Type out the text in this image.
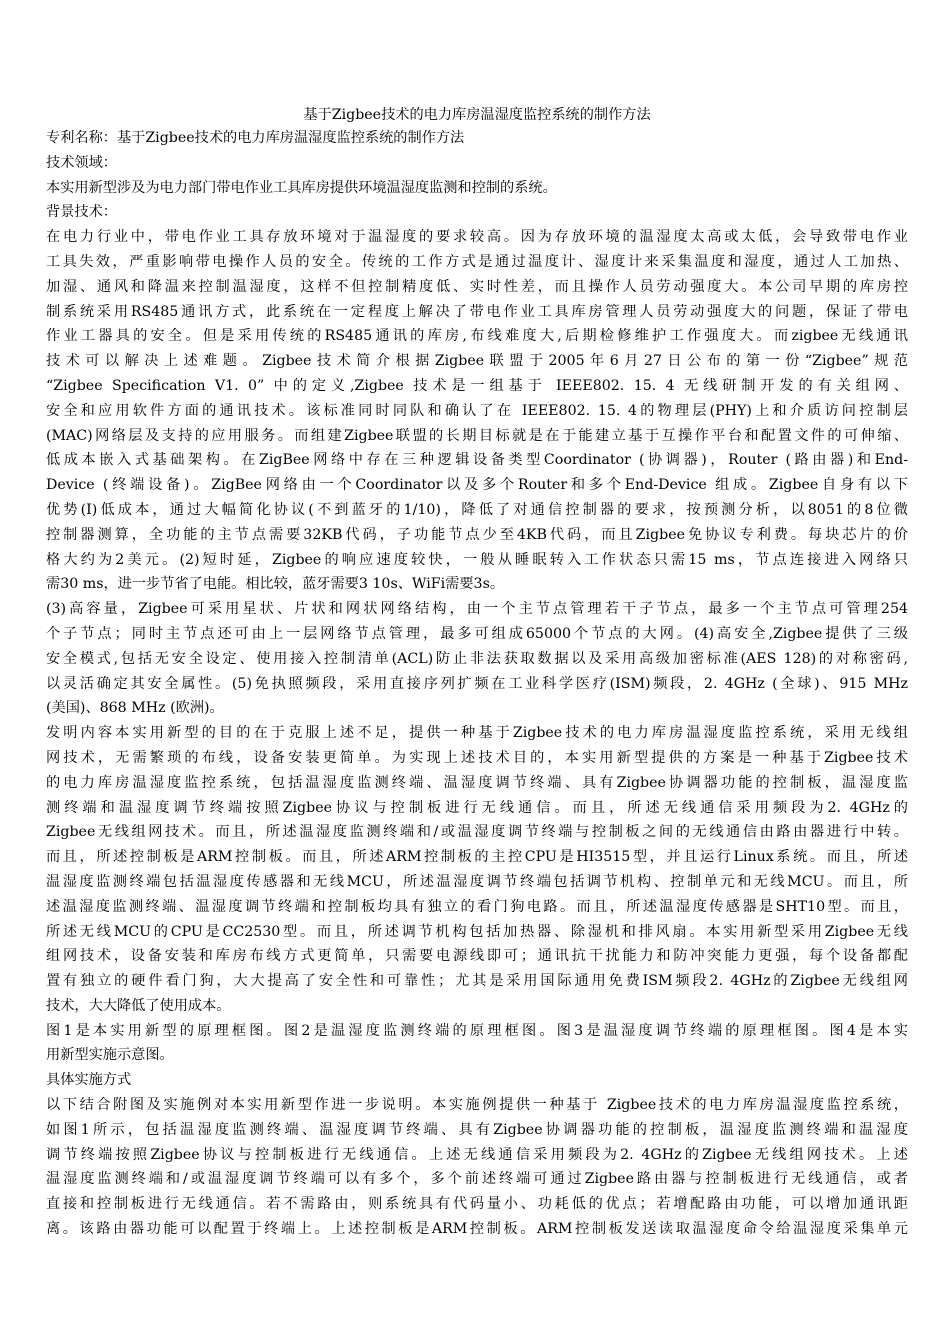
基于Zigbee技术的电力库房温湿度监控系统的制作方法

专利名称：基于Zigbee技术的电力库房温湿度监控系统的制作方法

技术领域：

本实用新型涉及为电力部门带电作业工具库房提供环境温湿度监测和控制的系统。

背景技术：

在电力行业中，带电作业工具存放环境对于温湿度的要求较高。因为存放环境的温湿度太高或太低，会导致带电作业

工具失效，严重影响带电操作人员的安全。传统的工作方式是通过温度计、湿度计来采集温度和湿度，通过人工加热、

加湿、通风和降温来控制温湿度，这样不但控制精度低、实时性差，而且操作人员劳动强度大。本公司早期的库房控

制系统采用RS485通讯方式，此系统在一定程度上解决了带电作业工具库房管理人员劳动强度大的问题，保证了带电

作业工器具的安全。但是采用传统的RS485通讯的库房,布线难度大,后期检修维护工作强度大。而zigbee无线通讯

技术可以解决上述难题。Zigbee技术简介根据Zigbee联盟于2005年6月27日公布的第一份“Zigbee”规范

“Zigbee Specification V1. 0” 中的定义,Zigbee 技术是一组基于 IEEE802. 15. 4 无线研制开发的有关组网、

安全和应用软件方面的通讯技术。该标准同时同队和确认了在 IEEE802. 15. 4的物理层(PHY)上和介质访问控制层

(MAC)网络层及支持的应用服务。而组建Zigbee联盟的长期目标就是在于能建立基于互操作平台和配置文件的可伸缩、

低成本嵌入式基础架构。在ZigBee网络中存在三种逻辑设备类型Coordinator (协调器)，Router (路由器)和End-

Device (终端设备)。ZigBee网络由一个Coordinator以及多个Router和多个End-Device 组成。Zigbee自身有以下

优势(I)低成本，通过大幅简化协议(不到蓝牙的1/10)，降低了对通信控制器的要求，按预测分析，以8051的8位微

控制器测算，全功能的主节点需要32KB代码，子功能节点少至4KB代码，而且Zigbee免协议专利费。每块芯片的价

格大约为2美元。(2)短时延，Zigbee的响应速度较快，一般从睡眠转入工作状态只需15 ms，节点连接进入网络只

需30 ms，进一步节省了电能。相比较，蓝牙需要3 10s、WiFi需要3s。

(3)高容量，Zigbee可采用星状、片状和网状网络结构，由一个主节点管理若干子节点，最多一个主节点可管理254

个子节点；同时主节点还可由上一层网络节点管理，最多可组成65000个节点的大网。(4)高安全,Zigbee提供了三级

安全模式,包括无安全设定、使用接入控制清单(ACL)防止非法获取数据以及采用高级加密标准(AES 128)的对称密码,

以灵活确定其安全属性。(5)免执照频段，采用直接序列扩频在工业科学医疗(ISM)频段，2. 4GHz (全球)、915 MHz

(美国)、868 MHz (欧洲)。

发明内容本实用新型的目的在于克服上述不足，提供一种基于Zigbee技术的电力库房温湿度监控系统，采用无线组

网技术，无需繁琐的布线，设备安装更简单。为实现上述技术目的，本实用新型提供的方案是一种基于Zigbee技术

的电力库房温湿度监控系统，包括温湿度监测终端、温湿度调节终端、具有Zigbee协调器功能的控制板，温湿度监

测终端和温湿度调节终端按照Zigbee协议与控制板进行无线通信。而且，所述无线通信采用频段为2. 4GHz的

Zigbee无线组网技术。而且，所述温湿度监测终端和/或温湿度调节终端与控制板之间的无线通信由路由器进行中转。

而且，所述控制板是ARM控制板。而且，所述ARM控制板的主控CPU是HI3515型，并且运行Linux系统。而且，所述

温湿度监测终端包括温湿度传感器和无线MCU，所述温湿度调节终端包括调节机构、控制单元和无线MCU。而且，所

述温湿度监测终端、温湿度调节终端和控制板均具有独立的看门狗电路。而且，所述温湿度传感器是SHT10型。而且，

所述无线MCU的CPU是CC2530型。而且，所述调节机构包括加热器、除湿机和排风扇。本实用新型采用Zigbee无线

组网技术，设备安装和库房布线方式更简单，只需要电源线即可；通讯抗干扰能力和防冲突能力更强，每个设备都配

置有独立的硬件看门狗，大大提高了安全性和可靠性；尤其是采用国际通用免费ISM频段2. 4GHz的Zigbee无线组网

技术，大大降低了使用成本。

图1是本实用新型的原理框图。图2是温湿度监测终端的原理框图。图3是温湿度调节终端的原理框图。图4是本实

用新型实施示意图。

具体实施方式

以下结合附图及实施例对本实用新型作进一步说明。本实施例提供一种基于 Zigbee技术的电力库房温湿度监控系统，

如图1所示，包括温湿度监测终端、温湿度调节终端、具有Zigbee协调器功能的控制板，温湿度监测终端和温湿度

调节终端按照Zigbee协议与控制板进行无线通信。上述无线通信采用频段为2. 4GHz的Zigbee无线组网技术。上述

温湿度监测终端和/或温湿度调节终端可以有多个，多个前述终端可通过Zigbee路由器与控制板进行无线通信，或者

直接和控制板进行无线通信。若不需路由，则系统具有代码量小、功耗低的优点；若增配路由功能，可以增加通讯距

离。该路由器功能可以配置于终端上。上述控制板是ARM控制板。ARM控制板发送读取温湿度命令给温湿度采集单元
